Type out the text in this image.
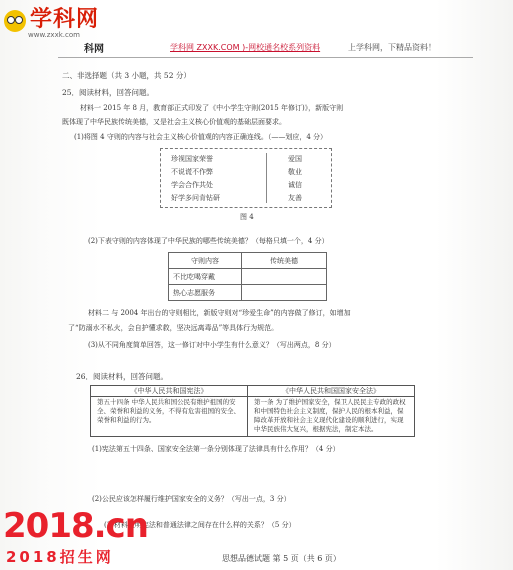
学科网
www.zxxk.com
科网	学科网 ZXXK.COM )-网校通名校系列资料	上学科网，下精品资料！
二、非选择题（共 3 小题，共 52 分）
25．阅读材料，回答问题。
材料一 2015 年 8 月，教育部正式印发了《中小学生守则(2015 年修订)》，新版守则
既体现了中华民族传统美德，又是社会主义核心价值观的基础层面要求。
(1)将图 4 守则的内容与社会主义核心价值观的内容正确连线。（——划应，4 分）
珍视国家荣誉	爱国
不说谎不作弊	敬业
学会合作共处	诚信
好学多问肯钻研	友善
图 4
(2)下表守则的内容体现了中华民族的哪些传统美德？（每格只填一个，4 分）
守则内容	传统美德
不比吃喝穿戴	
热心志愿服务	
材料二 与 2004 年出台的守则相比，新版守则对“珍爱生命”的内容做了修订，如增加
了“防溺水不私火，会自护懂求救，坚决远离毒品”等具体行为规范。
(3)从不同角度简单回答，这一修订对中小学生有什么意义？（写出两点，8 分）
26．阅读材料，回答问题。
《中华人民共和国宪法》	《中华人民共和国国家安全法》
第五十四条 中华人民共和国公民有维护祖国的安全、荣誉和利益的义务，不得有危害祖国的安全、荣誉和利益的行为。
第一条 为了维护国家安全，保卫人民民主专政的政权和中国特色社会主义制度，保护人民的根本利益，保障改革开放和社会主义现代化建设的顺利进行，实现中华民族伟大复兴，根据宪法，制定本法。
(1)宪法第五十四条、国家安全法第一条分别体现了法律具有什么作用？（4 分）
(2)公民应该怎样履行维护国家安全的义务？（写出一点，3 分）
(3)材料表明宪法和普通法律之间存在什么样的关系？（5 分）
思想品德试题 第 5 页（共 6 页）
2018.cn
2018招生网
